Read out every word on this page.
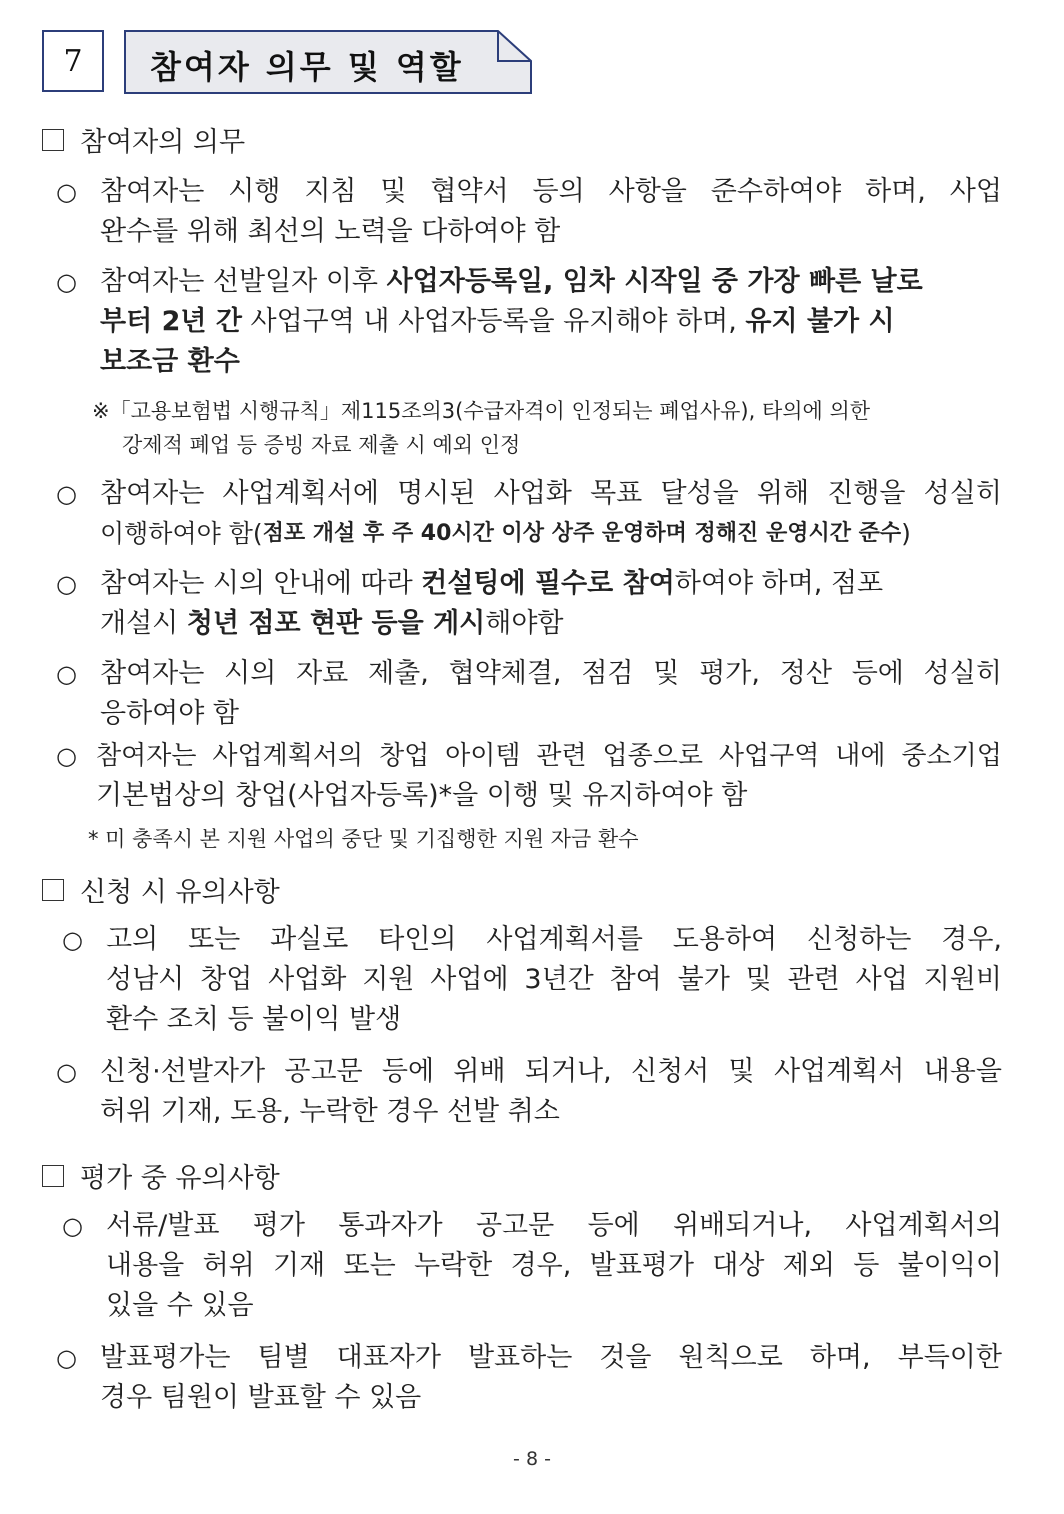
7	참여자 의무 및 역할
참여자의 의무
○ 참여자는 시행 지침 및 협약서 등의 사항을 준수하여야 하며, 사업
완수를 위해 최선의 노력을 다하여야 함
○ 참여자는 선발일자 이후 사업자등록일, 임차 시작일 중 가장 빠른 날로
부터 2년 간 사업구역 내 사업자등록을 유지해야 하며, 유지 불가 시
보조금 환수
※「고용보험법 시행규칙」제115조의3(수급자격이 인정되는 폐업사유), 타의에 의한
강제적 폐업 등 증빙 자료 제출 시 예외 인정
○ 참여자는 사업계획서에 명시된 사업화 목표 달성을 위해 진행을 성실히
이행하여야 함( 점포 개설 후 주 40시간 이상 상주 운영하며 정해진 운영시간 준수 )
○ 참여자는 시의 안내에 따라 컨설팅에 필수로 참여 하여야 하며, 점포
개설시 청년 점포 현판 등을 게시 해야함
○ 참여자는 시의 자료 제출, 협약체결, 점검 및 평가, 정산 등에 성실히
응하여야 함
○ 참여자는 사업계획서의 창업 아이템 관련 업종으로 사업구역 내에 중소기업
기본법상의 창업(사업자등록)*을 이행 및 유지하여야 함
* 미 충족시 본 지원 사업의 중단 및 기집행한 지원 자금 환수
신청 시 유의사항
○ 고의 또는 과실로 타인의 사업계획서를 도용하여 신청하는 경우,
성남시 창업 사업화 지원 사업에 3년간 참여 불가 및 관련 사업 지원비
환수 조치 등 불이익 발생
○ 신청·선발자가 공고문 등에 위배 되거나, 신청서 및 사업계획서 내용을
허위 기재, 도용, 누락한 경우 선발 취소
평가 중 유의사항
○ 서류/발표 평가 통과자가 공고문 등에 위배되거나, 사업계획서의
내용을 허위 기재 또는 누락한 경우, 발표평가 대상 제외 등 불이익이
있을 수 있음
○ 발표평가는 팀별 대표자가 발표하는 것을 원칙으로 하며, 부득이한
경우 팀원이 발표할 수 있음
- 8 -
